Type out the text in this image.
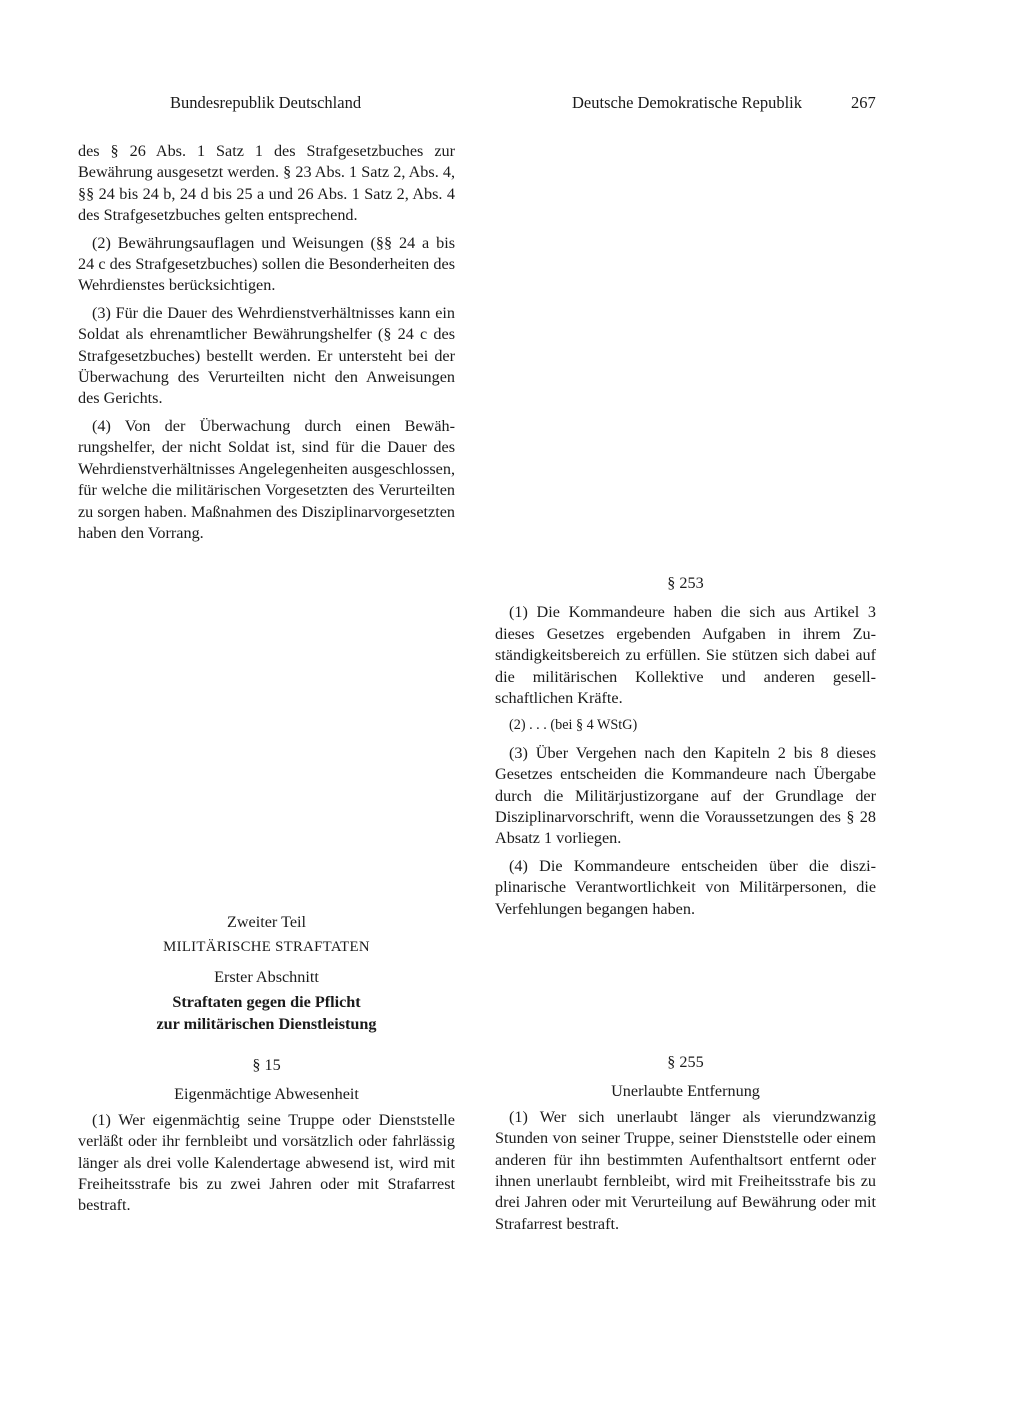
Bundesrepublik Deutschland	Deutsche Demokratische Republik	267

des § 26 Abs. 1 Satz 1 des Strafgesetzbuches zur Bewährung ausgesetzt werden. § 23 Abs. 1 Satz 2, Abs. 4, §§ 24 bis 24 b, 24 d bis 25 a und 26 Abs. 1 Satz 2, Abs. 4 des Strafgesetzbuches gelten entsprechend.

(2) Bewährungsauflagen und Weisungen (§§ 24 a bis 24 c des Strafgesetzbuches) sollen die Besonderheiten des Wehrdienstes berücksichtigen.

(3) Für die Dauer des Wehrdienstverhältnisses kann ein Soldat als ehrenamtlicher Bewährungshelfer (§ 24 c des Strafgesetzbuches) bestellt werden. Er untersteht bei der Überwachung des Verurteilten nicht den Anweisungen des Gerichts.

(4) Von der Überwachung durch einen Bewährungshelfer, der nicht Soldat ist, sind für die Dauer des Wehrdienstverhältnisses Angelegenheiten ausgeschlossen, für welche die militärischen Vorgesetzten des Verurteilten zu sorgen haben. Maßnahmen des Disziplinarvorgesetzten haben den Vorrang.

§ 253

(1) Die Kommandeure haben die sich aus Artikel 3 dieses Gesetzes ergebenden Aufgaben in ihrem Zuständigkeitsbereich zu erfüllen. Sie stützen sich dabei auf die militärischen Kollektive und anderen gesellschaftlichen Kräfte.

(2) . . . (bei § 4 WStG)

(3) Über Vergehen nach den Kapiteln 2 bis 8 dieses Gesetzes entscheiden die Kommandeure nach Übergabe durch die Militärjustizorgane auf der Grundlage der Disziplinarvorschrift, wenn die Voraussetzungen des § 28 Absatz 1 vorliegen.

(4) Die Kommandeure entscheiden über die disziplinarische Verantwortlichkeit von Militärpersonen, die Verfehlungen begangen haben.

Zweiter Teil

MILITÄRISCHE STRAFTATEN

Erster Abschnitt

Straftaten gegen die Pflicht

zur militärischen Dienstleistung

§ 15

Eigenmächtige Abwesenheit

(1) Wer eigenmächtig seine Truppe oder Dienststelle verläßt oder ihr fernbleibt und vorsätzlich oder fahrlässig länger als drei volle Kalendertage abwesend ist, wird mit Freiheitsstrafe bis zu zwei Jahren oder mit Strafarrest bestraft.

§ 255

Unerlaubte Entfernung

(1) Wer sich unerlaubt länger als vierundzwanzig Stunden von seiner Truppe, seiner Dienststelle oder einem anderen für ihn bestimmten Aufenthaltsort entfernt oder ihnen unerlaubt fernbleibt, wird mit Freiheitsstrafe bis zu drei Jahren oder mit Verurteilung auf Bewährung oder mit Strafarrest bestraft.
